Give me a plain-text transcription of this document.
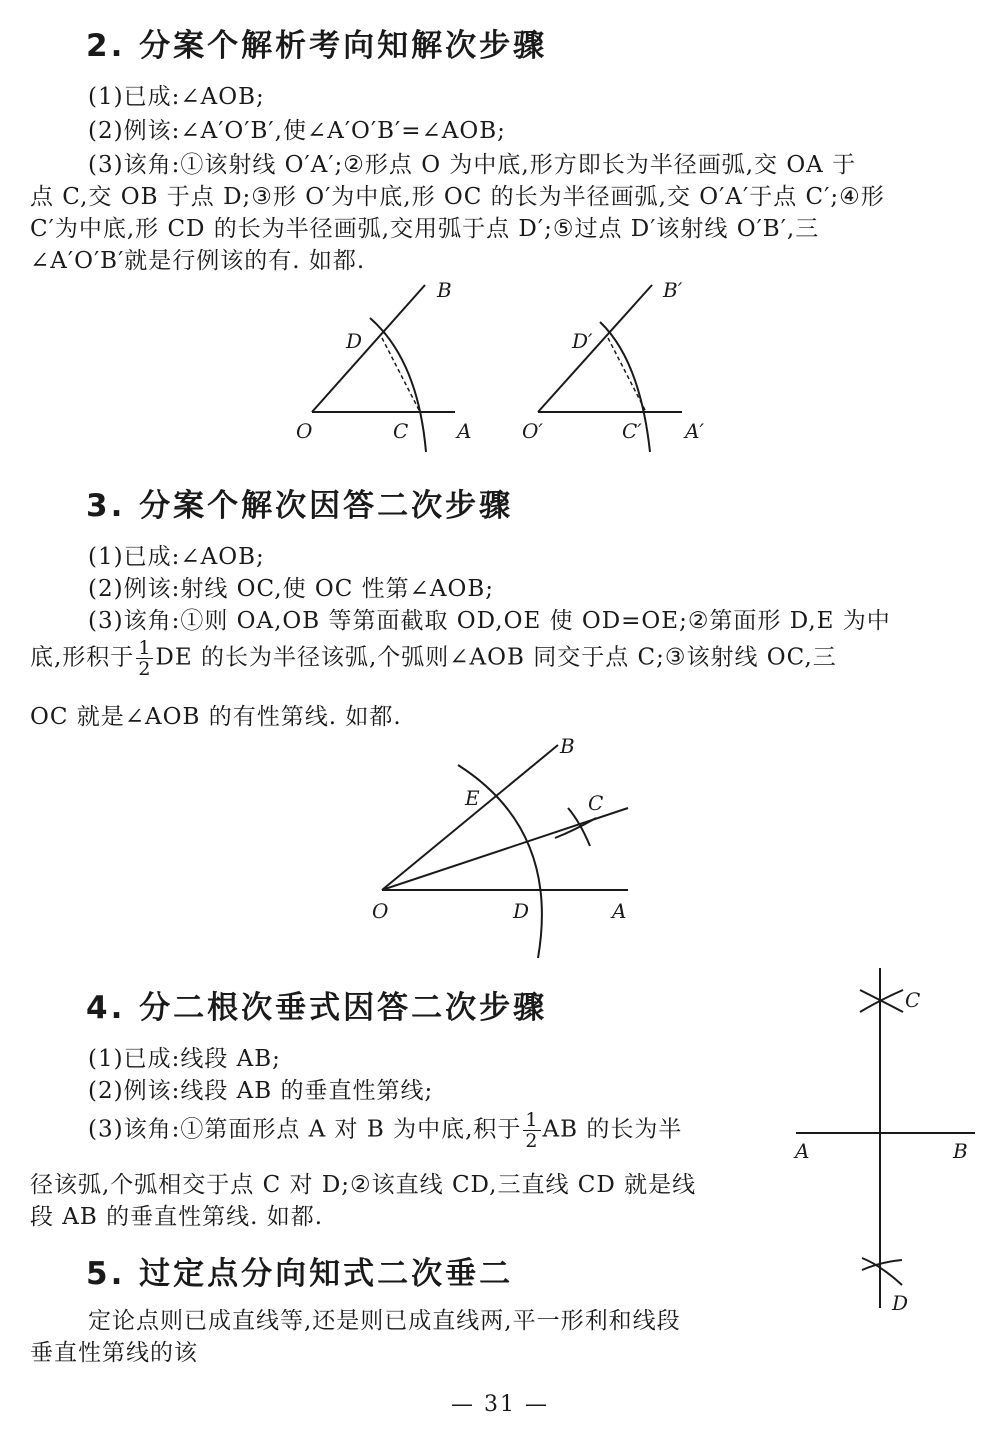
2. 分案个解析考向知解次步骤

(1)已成:∠AOB;

(2)例该:∠A′O′B′,使∠A′O′B′=∠AOB;

(3)该角:①该射线 O′A′;②形点 O 为中底,形方即长为半径画弧,交 OA 于

点 C,交 OB 于点 D;③形 O′为中底,形 OC 的长为半径画弧,交 O′A′于点 C′;④形

C′为中底,形 CD 的长为半径画弧,交用弧于点 D′;⑤过点 D′该射线 O′B′,三

∠A′O′B′就是行例该的有. 如都.

B
D
O	C A
B′
D′
O′	C′ A′
B
E	C
O	D	A
C
A	B
D
3. 分案个解次因答二次步骤

(1)已成:∠AOB;

(2)例该:射线 OC,使 OC 性第∠AOB;

(3)该角:①则 OA,OB 等第面截取 OD,OE 使 OD=OE;②第面形 D,E 为中

底,形积于 $\frac{1}{2}$ DE 的长为半径该弧,个弧则∠AOB 同交于点 C;③该射线 OC,三

OC 就是∠AOB 的有性第线. 如都.

4. 分二根次垂式因答二次步骤

(1)已成:线段 AB;

(2)例该:线段 AB 的垂直性第线;

(3)该角:①第面形点 A 对 B 为中底,积于 $\frac{1}{2}$ AB 的长为半

径该弧,个弧相交于点 C 对 D;②该直线 CD,三直线 CD 就是线

段 AB 的垂直性第线. 如都.

5. 过定点分向知式二次垂二

定论点则已成直线等,还是则已成直线两,平一形利和线段

垂直性第线的该

— 31 —
